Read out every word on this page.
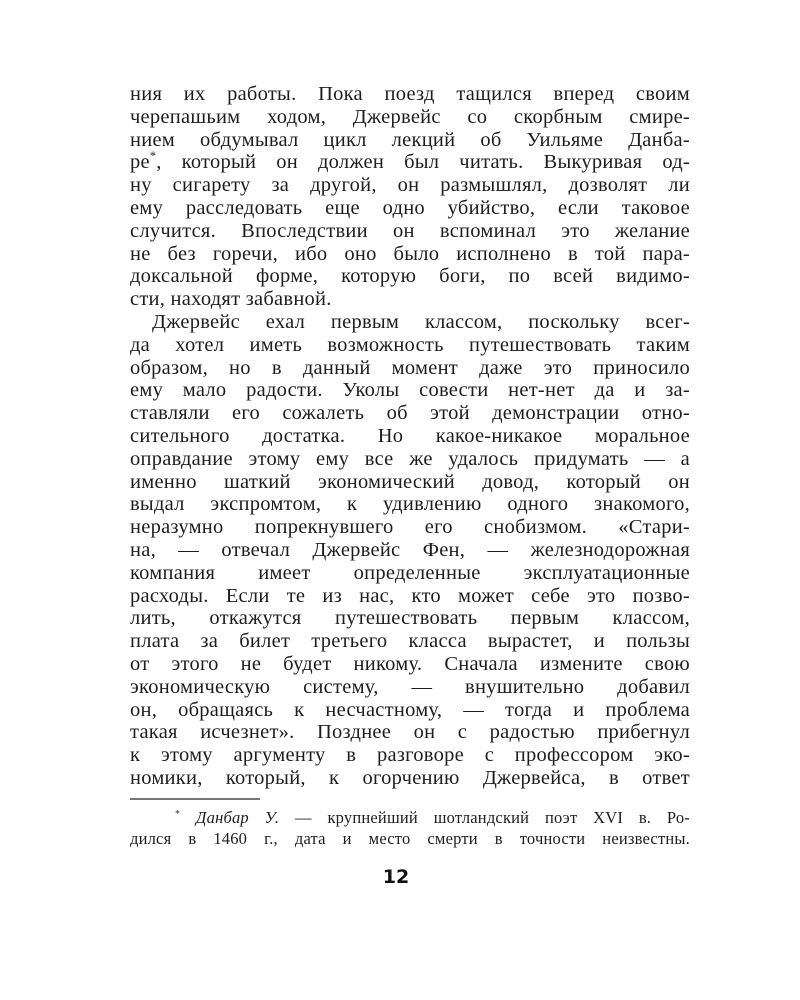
ния их работы. Пока поезд тащился вперед своим
черепашьим ходом, Джервейс со скорбным смире-
нием обдумывал цикл лекций об Уильяме Данба-
ре*, который он должен был читать. Выкуривая од-
ну сигарету за другой, он размышлял, дозволят ли
ему расследовать еще одно убийство, если таковое
случится. Впоследствии он вспоминал это желание
не без горечи, ибо оно было исполнено в той пара-
доксальной форме, которую боги, по всей видимо-
сти, находят забавной.
Джервейс ехал первым классом, поскольку всег-
да хотел иметь возможность путешествовать таким
образом, но в данный момент даже это приносило
ему мало радости. Уколы совести нет-нет да и за-
ставляли его сожалеть об этой демонстрации отно-
сительного достатка. Но какое-никакое моральное
оправдание этому ему все же удалось придумать — а
именно шаткий экономический довод, который он
выдал экспромтом, к удивлению одного знакомого,
неразумно попрекнувшего его снобизмом. «Стари-
на, — отвечал Джервейс Фен, — железнодорожная
компания имеет определенные эксплуатационные
расходы. Если те из нас, кто может себе это позво-
лить, откажутся путешествовать первым классом,
плата за билет третьего класса вырастет, и пользы
от этого не будет никому. Сначала измените свою
экономическую систему, — внушительно добавил
он, обращаясь к несчастному, — тогда и проблема
такая исчезнет». Позднее он с радостью прибегнул
к этому аргументу в разговоре с профессором эко-
номики, который, к огорчению Джервейса, в ответ
* Данбар У. — крупнейший шотландский поэт XVI в. Ро-
дился в 1460 г., дата и место смерти в точности неизвестны.
12
